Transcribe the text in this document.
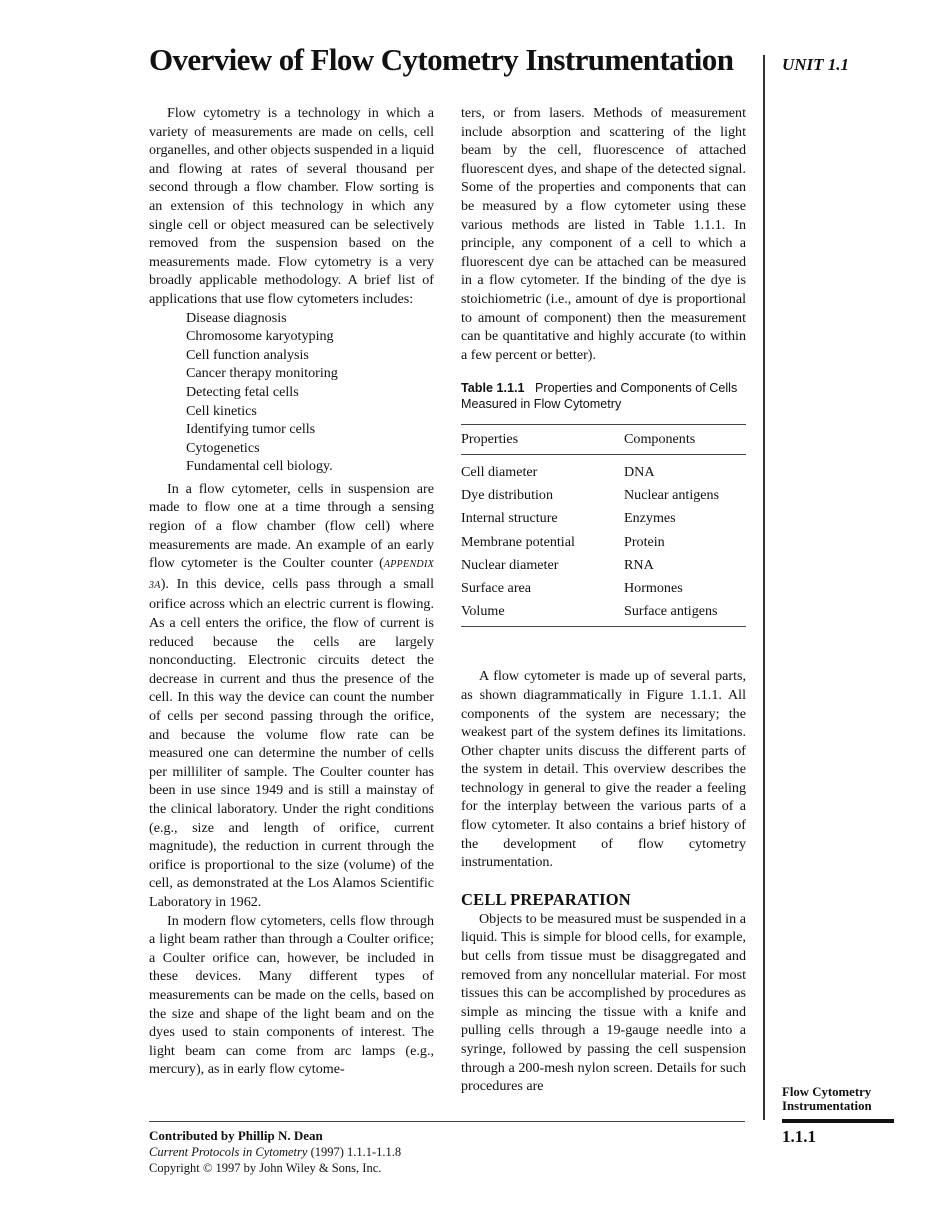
Overview of Flow Cytometry Instrumentation	UNIT 1.1

Flow cytometry is a technology in which a variety of measurements are made on cells, cell organelles, and other objects suspended in a liquid and flowing at rates of several thousand per second through a flow chamber. Flow sorting is an extension of this technology in which any single cell or object measured can be selectively removed from the suspension based on the measurements made. Flow cytometry is a very broadly applicable methodology. A brief list of applications that use flow cytometers includes:

Disease diagnosis
Chromosome karyotyping
Cell function analysis
Cancer therapy monitoring
Detecting fetal cells
Cell kinetics
Identifying tumor cells
Cytogenetics
Fundamental cell biology.

In a flow cytometer, cells in suspension are made to flow one at a time through a sensing region of a flow chamber (flow cell) where measurements are made. An example of an early flow cytometer is the Coulter counter (APPENDIX 3A). In this device, cells pass through a small orifice across which an electric current is flowing. As a cell enters the orifice, the flow of current is reduced because the cells are largely nonconducting. Electronic circuits detect the decrease in current and thus the presence of the cell. In this way the device can count the number of cells per second passing through the orifice, and because the volume flow rate can be measured one can determine the number of cells per milliliter of sample. The Coulter counter has been in use since 1949 and is still a mainstay of the clinical laboratory. Under the right conditions (e.g., size and length of orifice, current magnitude), the reduction in current through the orifice is proportional to the size (volume) of the cell, as demonstrated at the Los Alamos Scientific Laboratory in 1962.

In modern flow cytometers, cells flow through a light beam rather than through a Coulter orifice; a Coulter orifice can, however, be included in these devices. Many different types of measurements can be made on the cells, based on the size and shape of the light beam and on the dyes used to stain components of interest. The light beam can come from arc lamps (e.g., mercury), as in early flow cytome-

ters, or from lasers. Methods of measurement include absorption and scattering of the light beam by the cell, fluorescence of attached fluorescent dyes, and shape of the detected signal. Some of the properties and components that can be measured by a flow cytometer using these various methods are listed in Table 1.1.1. In principle, any component of a cell to which a fluorescent dye can be attached can be measured in a flow cytometer. If the binding of the dye is stoichiometric (i.e., amount of dye is proportional to amount of component) then the measurement can be quantitative and highly accurate (to within a few percent or better).

Table 1.1.1 Properties and Components of Cells Measured in Flow Cytometry
Properties	Components
Cell diameter	DNA
Dye distribution	Nuclear antigens
Internal structure	Enzymes
Membrane potential	Protein
Nuclear diameter	RNA
Surface area	Hormones
Volume	Surface antigens

A flow cytometer is made up of several parts, as shown diagrammatically in Figure 1.1.1. All components of the system are necessary; the weakest part of the system defines its limitations. Other chapter units discuss the different parts of the system in detail. This overview describes the technology in general to give the reader a feeling for the interplay between the various parts of a flow cytometer. It also contains a brief history of the development of flow cytometry instrumentation.

CELL PREPARATION

Objects to be measured must be suspended in a liquid. This is simple for blood cells, for example, but cells from tissue must be disaggregated and removed from any noncellular material. For most tissues this can be accomplished by procedures as simple as mincing the tissue with a knife and pulling cells through a 19-gauge needle into a syringe, followed by passing the cell suspension through a 200-mesh nylon screen. Details for such procedures are

Contributed by Phillip N. Dean
Current Protocols in Cytometry (1997) 1.1.1-1.1.8
Copyright © 1997 by John Wiley & Sons, Inc.
Flow Cytometry
Instrumentation
1.1.1
